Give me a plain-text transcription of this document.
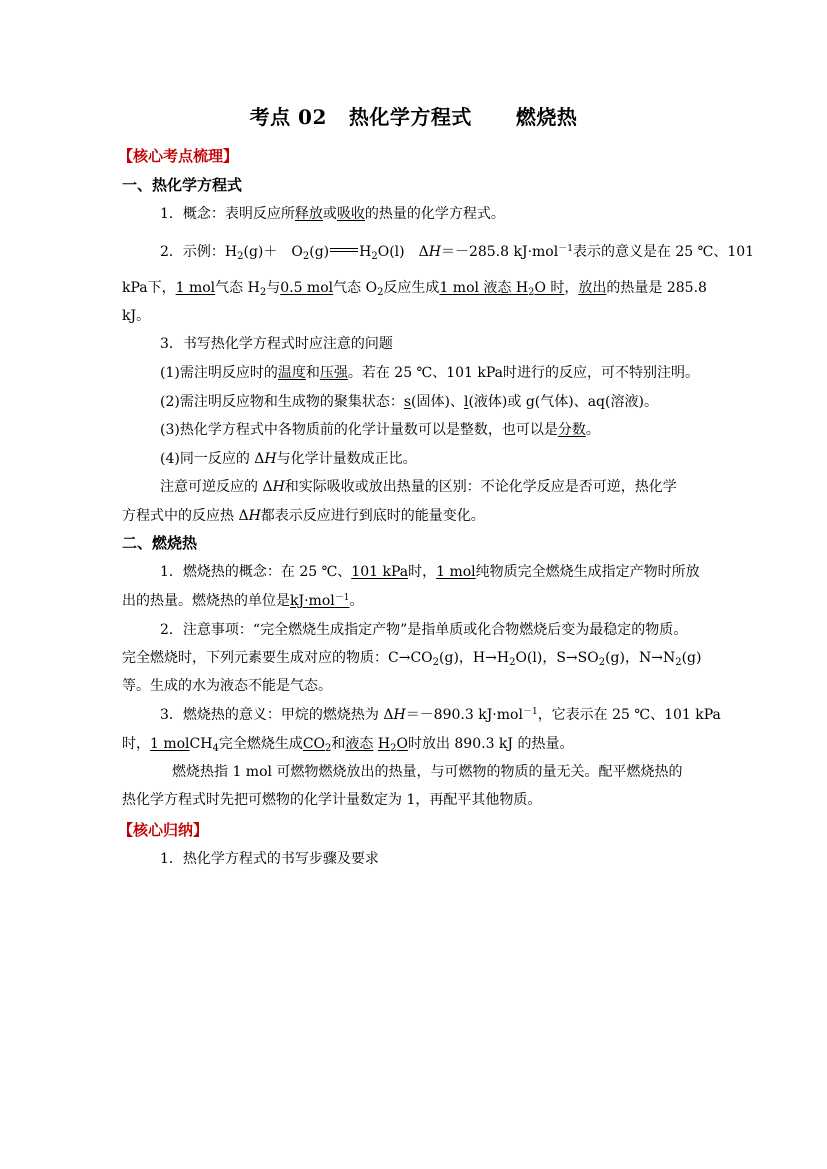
考点 02 热化学方程式 燃烧热
【核心考点梳理】
一、热化学方程式
1．概念：表明反应所释放或吸收的热量的化学方程式。
2．示例：$H_2(g)+$　$O_2(g)$ $H_2O(l)$　ΔH＝－285.8 kJ·mol$^{-1}$表示的意义是在 25 ℃、101
kPa下，1 mol气态 $H_2$与0.5 mol气态 $O_2$反应生成1 mol 液态 $H_2O$ 时，放出的热量是 285.8
kJ。
3．书写热化学方程式时应注意的问题
(1)需注明反应时的温度和压强。若在 25 ℃、101 kPa时进行的反应，可不特别注明。
(2)需注明反应物和生成物的聚集状态：s(固体)、l(液体)或 g(气体)、aq(溶液)。
(3)热化学方程式中各物质前的化学计量数可以是整数，也可以是分数。
(4)同一反应的 ΔH与化学计量数成正比。
注意可逆反应的 ΔH和实际吸收或放出热量的区别：不论化学反应是否可逆，热化学
方程式中的反应热 ΔH都表示反应进行到底时的能量变化。
二、燃烧热
1．燃烧热的概念：在 25 ℃、101 kPa时，1 mol纯物质完全燃烧生成指定产物时所放
出的热量。燃烧热的单位是kJ·mol$^{-1}$。
2．注意事项：“完全燃烧生成指定产物”是指单质或化合物燃烧后变为最稳定的物质。
完全燃烧时，下列元素要生成对应的物质：$C\to CO_2(g)$，$H\to H_2O(l)$，$S\to SO_2(g)$，$N\to N_2(g)$
等。生成的水为液态不能是气态。
3．燃烧热的意义：甲烷的燃烧热为 ΔH＝－890.3 kJ·mol$^{-1}$，它表示在 25 ℃、101 kPa
时，1 molCH$_4$完全燃烧生成$CO_2$和液态 $H_2O$时放出 890.3 kJ 的热量。
燃烧热指 1 mol 可燃物燃烧放出的热量，与可燃物的物质的量无关。配平燃烧热的
热化学方程式时先把可燃物的化学计量数定为 1，再配平其他物质。
【核心归纳】
1．热化学方程式的书写步骤及要求
